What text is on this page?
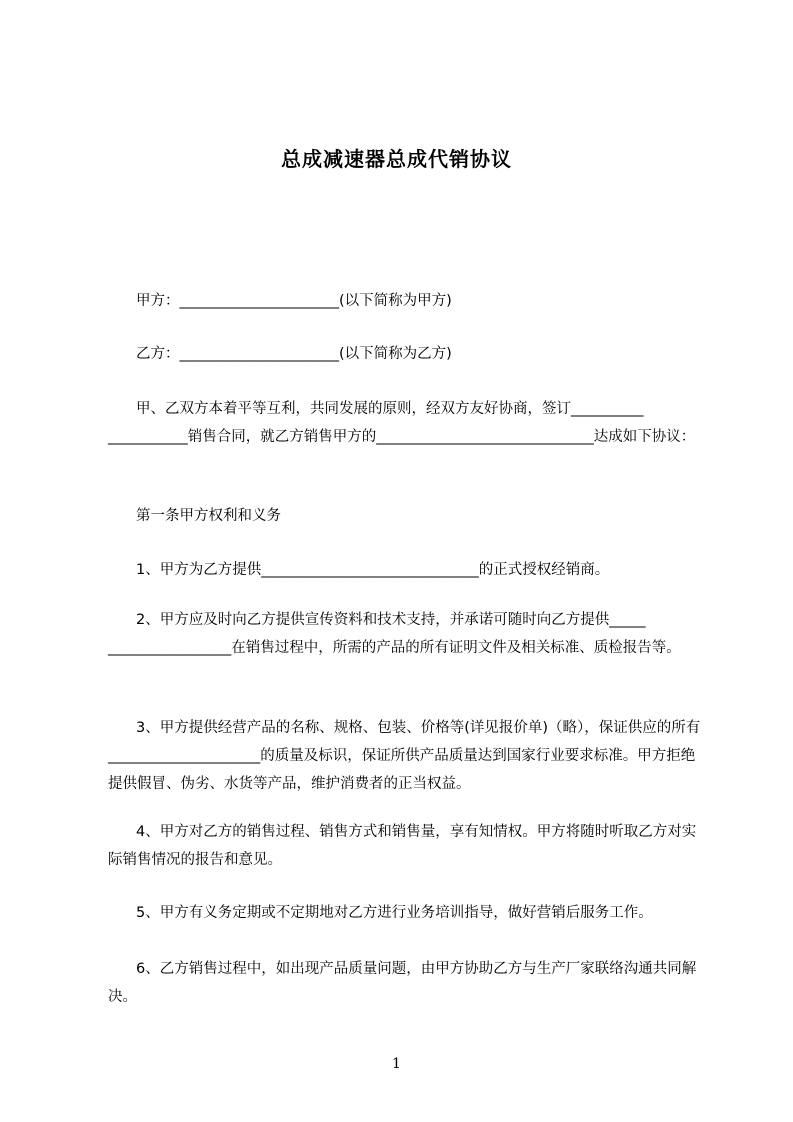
总成减速器总成代销协议

甲方：______________________(以下简称为甲方)

乙方：______________________(以下简称为乙方)

甲、乙双方本着平等互利，共同发展的原则，经双方友好协商，签订__________ ___________销售合同，就乙方销售甲方的______________________________达成如下协议：

第一条甲方权利和义务

1、甲方为乙方提供______________________________的正式授权经销商。

2、甲方应及时向乙方提供宣传资料和技术支持，并承诺可随时向乙方提供_____ _________________在销售过程中，所需的产品的所有证明文件及相关标准、质检报告等。

3、甲方提供经营产品的名称、规格、包装、价格等(详见报价单)（略），保证供应的所有_____________________的质量及标识，保证所供产品质量达到国家行业要求标准。甲方拒绝提供假冒、伪劣、水货等产品，维护消费者的正当权益。

4、甲方对乙方的销售过程、销售方式和销售量，享有知情权。甲方将随时听取乙方对实际销售情况的报告和意见。

5、甲方有义务定期或不定期地对乙方进行业务培训指导，做好营销后服务工作。

6、乙方销售过程中，如出现产品质量问题，由甲方协助乙方与生产厂家联络沟通共同解决。

1
